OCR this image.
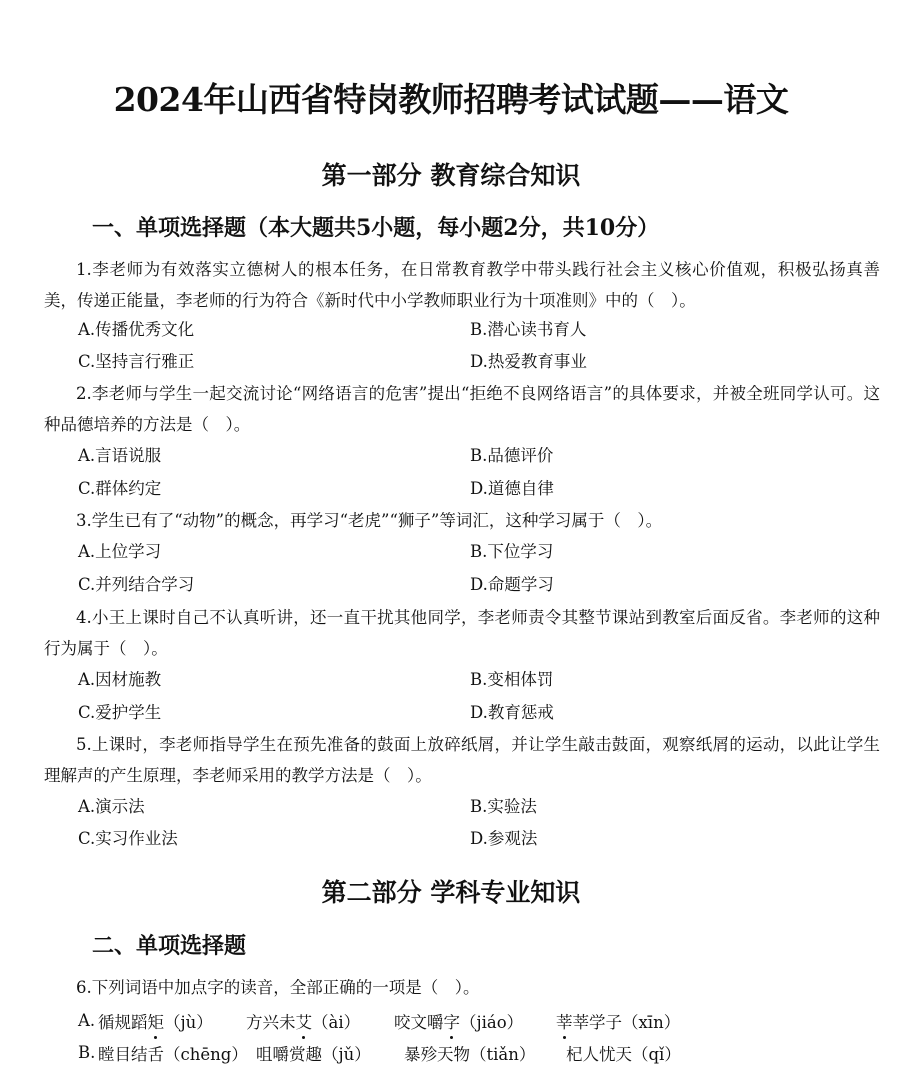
2024年山西省特岗教师招聘考试试题——语文
第一部分 教育综合知识
一、单项选择题（本大题共5小题，每小题2分，共10分）
1.李老师为有效落实立德树人的根本任务，在日常教育教学中带头践行社会主义核心价值观，积极弘扬真善美，传递正能量，李老师的行为符合《新时代中小学教师职业行为十项准则》中的（　）。
A.传播优秀文化	B.潜心读书育人
C.坚持言行雅正	D.热爱教育事业
2.李老师与学生一起交流讨论“网络语言的危害”提出“拒绝不良网络语言”的具体要求，并被全班同学认可。这种品德培养的方法是（　）。
A.言语说服	B.品德评价
C.群体约定	D.道德自律
3.学生已有了“动物”的概念，再学习“老虎”“狮子”等词汇，这种学习属于（　）。
A.上位学习	B.下位学习
C.并列结合学习	D.命题学习
4.小王上课时自己不认真听讲，还一直干扰其他同学，李老师责令其整节课站到教室后面反省。李老师的这种行为属于（　）。
A.因材施教	B.变相体罚
C.爱护学生	D.教育惩戒
5.上课时，李老师指导学生在预先准备的鼓面上放碎纸屑，并让学生敲击鼓面，观察纸屑的运动，以此让学生理解声的产生原理，李老师采用的教学方法是（　）。
A.演示法	B.实验法
C.实习作业法	D.参观法
第二部分 学科专业知识
二、单项选择题
6.下列词语中加点字的读音，全部正确的一项是（　）。
A. 循规蹈矩（jù） 方兴未艾（ài） 咬文嚼字（jiáo） 莘莘学子（xīn）
B. 瞠目结舌（chēng） 咀嚼赏趣（jǔ） 暴殄天物（tiǎn） 杞人忧天（qǐ）
